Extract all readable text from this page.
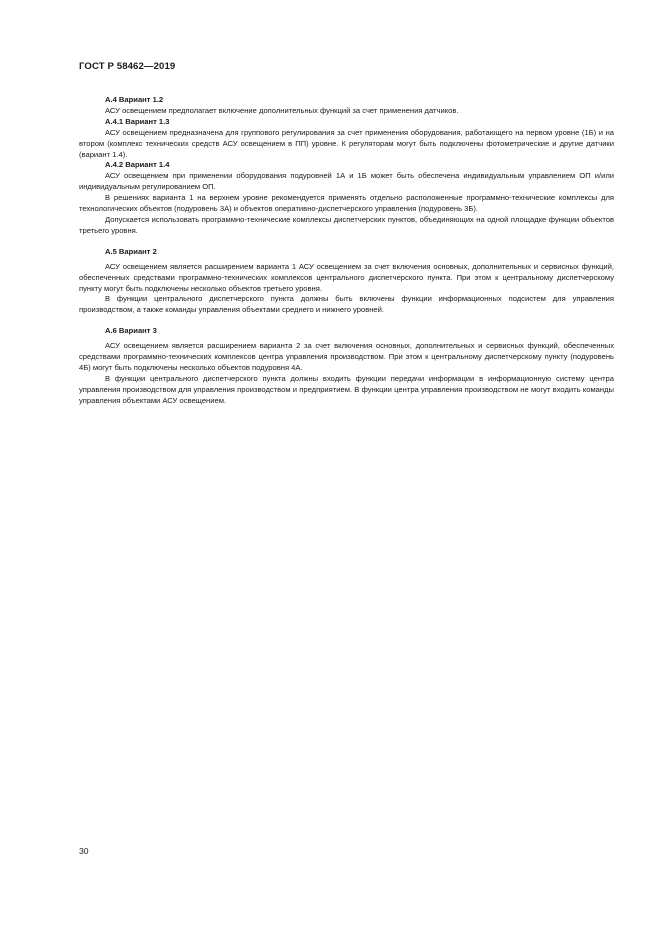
ГОСТ Р 58462—2019
А.4 Вариант 1.2
АСУ освещением предполагает включение дополнительных функций за счет применения датчиков.
А.4.1 Вариант 1.3
АСУ освещением предназначена для группового регулирования за счет применения оборудования, работающего на первом уровне (1Б) и на втором (комплекс технических средств АСУ освещением в ПП) уровне. К регуляторам могут быть подключены фотометрические и другие датчики (вариант 1.4).
А.4.2 Вариант 1.4
АСУ освещением при применении оборудования подуровней 1А и 1Б может быть обеспечена индивидуальным управлением ОП и/или индивидуальным регулированием ОП.
В решениях варианта 1 на верхнем уровне рекомендуется применять отдельно расположенные программно-технические комплексы для технологических объектов (подуровень 3А) и объектов оперативно-диспетчерского управления (подуровень 3Б).
Допускается использовать программно-технические комплексы диспетчерских пунктов, объединяющих на одной площадке функции объектов третьего уровня.
А.5 Вариант 2
АСУ освещением является расширением варианта 1 АСУ освещением за счет включения основных, дополнительных и сервисных функций, обеспеченных средствами программно-технических комплексов центрального диспетчерского пункта. При этом к центральному диспетчерскому пункту могут быть подключены несколько объектов третьего уровня.
В функции центрального диспетчерского пункта должны быть включены функции информационных подсистем для управления производством, а также команды управления объектами среднего и нижнего уровней.
А.6 Вариант 3
АСУ освещением является расширением варианта 2 за счет включения основных, дополнительных и сервисных функций, обеспеченных средствами программно-технических комплексов центра управления производством. При этом к центральному диспетчерскому пункту (подуровень 4Б) могут быть подключены несколько объектов подуровня 4А.
В функции центрального диспетчерского пункта должны входить функции передачи информации в информационную систему центра управления производством для управления производством и предприятием. В функции центра управления производством не могут входить команды управления объектами АСУ освещением.
30
